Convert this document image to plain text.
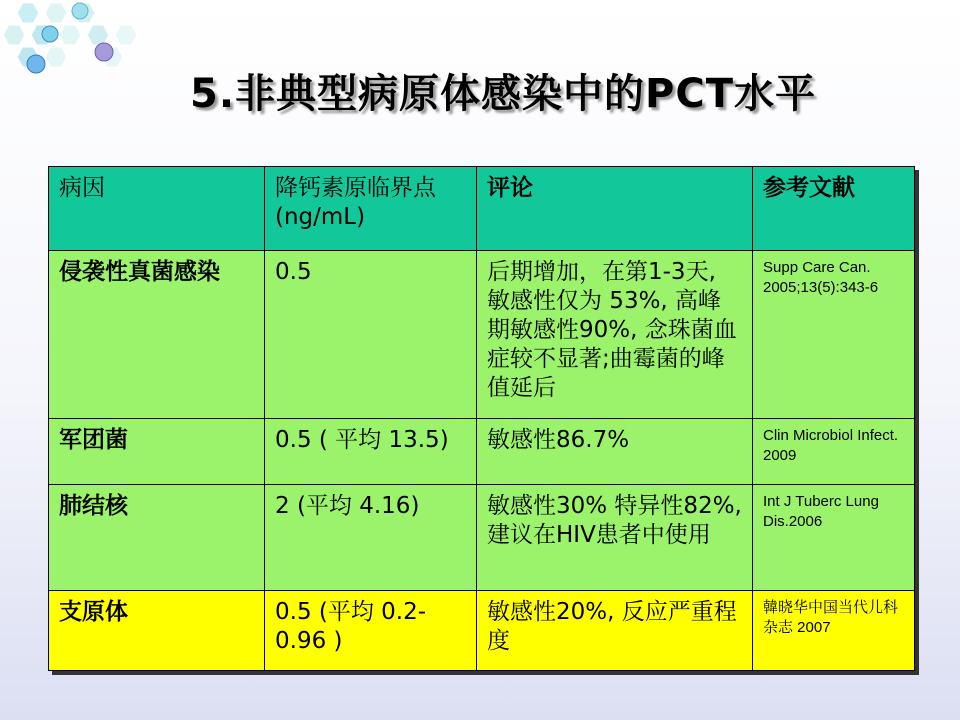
5.非典型病原体感染中的PCT水平
病因	降钙素原临界点(ng/mL)	评论	参考文献
侵袭性真菌感染	0.5	后期增加，在第1-3天, 敏感性仅为 53%, 高峰期敏感性90%, 念珠菌血症较不显著;曲霉菌的峰值延后	Supp Care Can. 2005;13(5):343-6
军团菌	0.5 ( 平均 13.5)	敏感性86.7%	Clin Microbiol Infect. 2009
肺结核	2 (平均 4.16)	敏感性30% 特异性82%, 建议在HIV患者中使用	Int J Tuberc Lung Dis.2006
支原体	0.5 (平均 0.2-0.96 )	敏感性20%, 反应严重程度	韓晓华中国当代儿科杂志 2007
